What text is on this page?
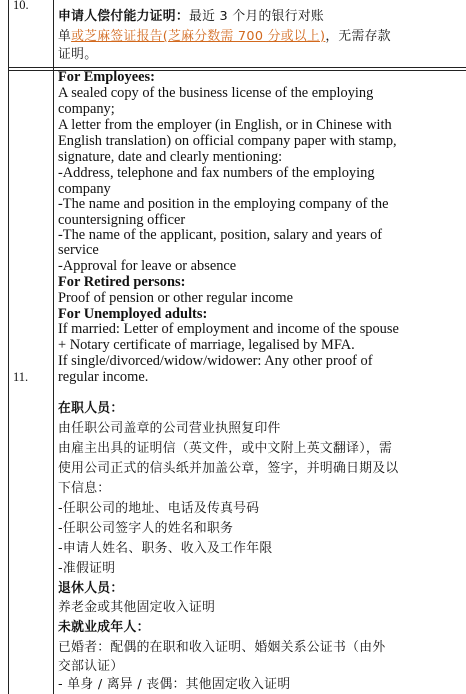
10.
申请人偿付能力证明：最近 3 个月的银行对账
单或芝麻签证报告(芝麻分数需 700 分或以上)，无需存款
证明。
11.
For Employees:
A sealed copy of the business license of the employing
company;
A letter from the employer (in English, or in Chinese with
English translation) on official company paper with stamp,
signature, date and clearly mentioning:
-Address, telephone and fax numbers of the employing
company
-The name and position in the employing company of the
countersigning officer
-The name of the applicant, position, salary and years of
service
-Approval for leave or absence
For Retired persons:
Proof of pension or other regular income
For Unemployed adults:
If married: Letter of employment and income of the spouse
+ Notary certificate of marriage, legalised by MFA.
If single/divorced/widow/widower: Any other proof of
regular income.
在职人员：
由任职公司盖章的公司营业执照复印件
由雇主出具的证明信（英文件，或中文附上英文翻译），需
使用公司正式的信头纸并加盖公章，签字，并明确日期及以
下信息：
-任职公司的地址、电话及传真号码
-任职公司签字人的姓名和职务
-申请人姓名、职务、收入及工作年限
-准假证明
退休人员：
养老金或其他固定收入证明
未就业成年人：
已婚者：配偶的在职和收入证明、婚姻关系公证书（由外
交部认证）
- 单身 / 离异 / 丧偶：其他固定收入证明
